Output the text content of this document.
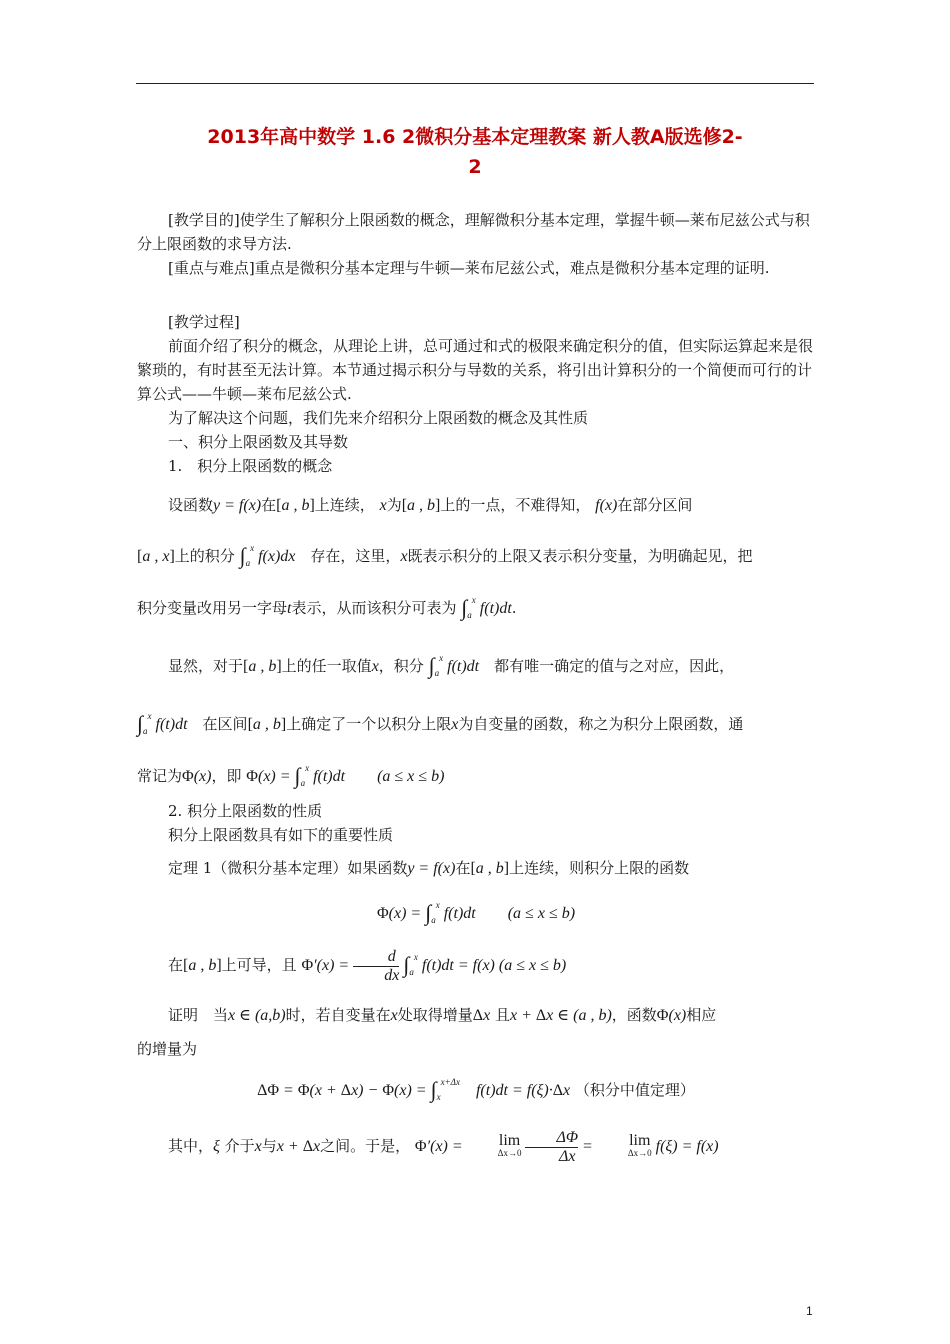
2013年高中数学 1.6 2微积分基本定理教案 新人教A版选修2-
2

[教学目的]使学生了解积分上限函数的概念，理解微积分基本定理，掌握牛顿—莱布尼兹公式与积分上限函数的求导方法.

[重点与难点]重点是微积分基本定理与牛顿—莱布尼兹公式，难点是微积分基本定理的证明.

[教学过程]

前面介绍了积分的概念，从理论上讲，总可通过和式的极限来确定积分的值，但实际运算起来是很繁琐的，有时甚至无法计算。本节通过揭示积分与导数的关系，将引出计算积分的一个简便而可行的计算公式——牛顿—莱布尼兹公式.

为了解决这个问题，我们先来介绍积分上限函数的概念及其性质

一、积分上限函数及其导数

1.　积分上限函数的概念

设函数y = f(x)在[a , b]上连续， x为[a , b]上的一点，不难得知， f(x)在部分区间

[a , x]上的积分 $\int_a^x$ f(x)dx　 存在，这里，x既表示积分的上限又表示积分变量，为明确起见，把

积分变量改用另一字母t表示，从而该积分可表为 $\int_a^x$ f(t)dt.

显然，对于[a , b]上的任一取值x，积分 $\int_a^x$ f(t)dt　 都有唯一确定的值与之对应，因此，

$\int_a^x$ f(t)dt　 在区间[a , b]上确定了一个以积分上限x为自变量的函数，称之为积分上限函数，通

常记为Φ(x)，即 $\Phi(x) = \int_a^x$ f(t)dt　　(a ≤ x ≤ b)

2. 积分上限函数的性质

积分上限函数具有如下的重要性质

定理 1（微积分基本定理）如果函数y = f(x)在[a , b]上连续，则积分上限的函数

$\Phi(x) = \int_a^x$ f(t)dt　　(a ≤ x ≤ b)

在[a , b]上可导，且 $\Phi'(x) = \frac{d}{dx} \int_a^x$ f(t)dt = f(x) (a ≤ x ≤ b)

证明　当x ∈ (a,b)时，若自变量在x处取得增量Δx 且x + Δx ∈ (a , b)，函数Φ(x)相应

的增量为

$\Delta\Phi = \Phi(x + \Delta x) - \Phi(x) = \int_x^{x+\Delta x}$　f(t)dt = f(ξ)·Δx （积分中值定理）

其中，ξ 介于x与x + Δx之间。于是， Φ′(x) = lim
Δx→0
$\frac{\Delta\Phi}{\Delta x} = \lim$
Δx→0 f(ξ) = f(x)

1
